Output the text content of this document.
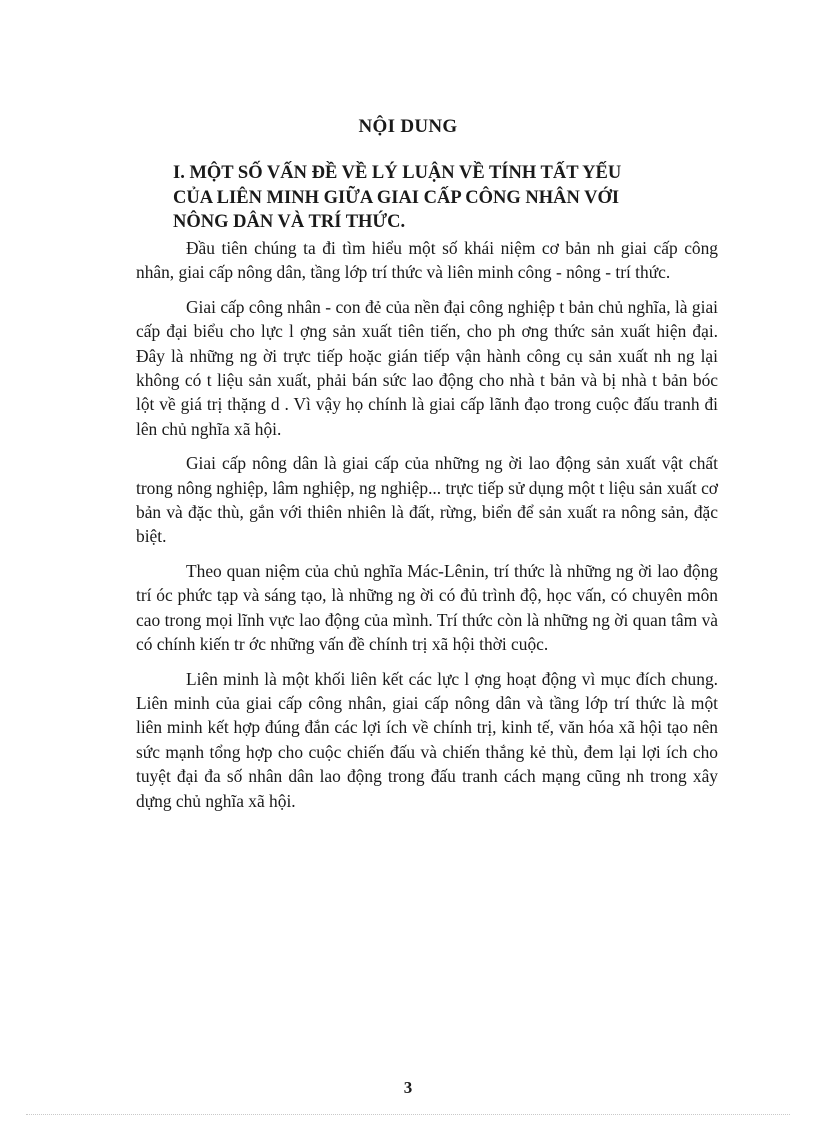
NỘI DUNG
I. MỘT SỐ VẤN ĐỀ VỀ LÝ LUẬN VỀ TÍNH TẤT YẾU
CỦA LIÊN MINH GIỮA GIAI CẤP CÔNG NHÂN VỚI
NÔNG DÂN VÀ TRÍ THỨC.

Đầu tiên chúng ta đi tìm hiểu một số khái niệm cơ bản nh giai cấp công nhân, giai cấp nông dân, tầng lớp trí thức và liên minh công - nông - trí thức.

Giai cấp công nhân - con đẻ của nền đại công nghiệp t bản chủ nghĩa, là giai cấp đại biểu cho lực l ợng sản xuất tiên tiến, cho ph ơng thức sản xuất hiện đại. Đây là những ng ời trực tiếp hoặc gián tiếp vận hành công cụ sản xuất nh ng lại không có t liệu sản xuất, phải bán sức lao động cho nhà t bản và bị nhà t bản bóc lột về giá trị thặng d . Vì vậy họ chính là giai cấp lãnh đạo trong cuộc đấu tranh đi lên chủ nghĩa xã hội.

Giai cấp nông dân là giai cấp của những ng ời lao động sản xuất vật chất trong nông nghiệp, lâm nghiệp, ng nghiệp... trực tiếp sử dụng một t liệu sản xuất cơ bản và đặc thù, gắn với thiên nhiên là đất, rừng, biển để sản xuất ra nông sản, đặc biệt.

Theo quan niệm của chủ nghĩa Mác-Lênin, trí thức là những ng ời lao động trí óc phức tạp và sáng tạo, là những ng ời có đủ trình độ, học vấn, có chuyên môn cao trong mọi lĩnh vực lao động của mình. Trí thức còn là những ng ời quan tâm và có chính kiến tr ớc những vấn đề chính trị xã hội thời cuộc.

Liên minh là một khối liên kết các lực l ợng hoạt động vì mục đích chung. Liên minh của giai cấp công nhân, giai cấp nông dân và tầng lớp trí thức là một liên minh kết hợp đúng đắn các lợi ích về chính trị, kinh tế, văn hóa xã hội tạo nên sức mạnh tổng hợp cho cuộc chiến đấu và chiến thắng kẻ thù, đem lại lợi ích cho tuyệt đại đa số nhân dân lao động trong đấu tranh cách mạng cũng nh trong xây dựng chủ nghĩa xã hội.

3
